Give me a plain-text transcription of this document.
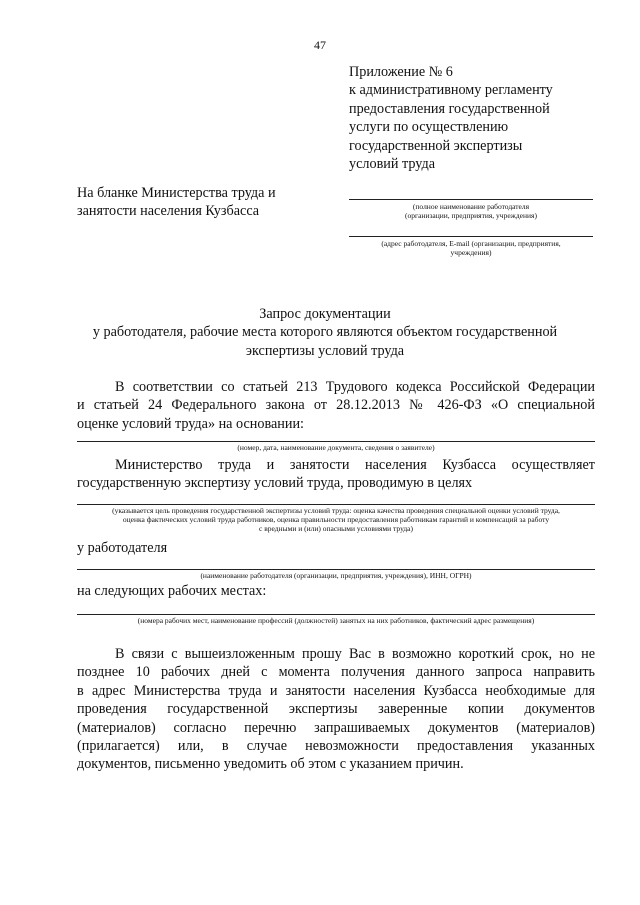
47
Приложение № 6
к административному регламенту
предоставления государственной
услуги по осуществлению
государственной экспертизы
условий труда
На бланке Министерства труда и
занятости населения Кузбасса	(полное наименование работодателя
(организации, предприятия, учреждения)
(адрес работодателя, E-mail (организации, предприятия,
учреждения)
Запрос документации
у работодателя, рабочие места которого являются объектом государственной
экспертизы условий труда
В соответствии со статьей 213 Трудового кодекса Российской Федерации
и статьей 24 Федерального закона от 28.12.2013 № 426-ФЗ «О специальной
оценке условий труда» на основании:
(номер, дата, наименование документа, сведения о заявителе)
Министерство труда и занятости населения Кузбасса осуществляет
государственную экспертизу условий труда, проводимую в целях
(указывается цель проведения государственной экспертизы условий труда: оценка качества проведения специальной оценки условий труда,
оценка фактических условий труда работников, оценка правильности предоставления работникам гарантий и компенсаций за работу
с вредными и (или) опасными условиями труда)
у работодателя
(наименование работодателя (организации, предприятия, учреждения), ИНН, ОГРН)
на следующих рабочих местах:
(номера рабочих мест, наименование профессий (должностей) занятых на них работников, фактический адрес размещения)
В связи с вышеизложенным прошу Вас в возможно короткий срок, но не
позднее 10 рабочих дней с момента получения данного запроса направить
в адрес Министерства труда и занятости населения Кузбасса необходимые для
проведения государственной экспертизы заверенные копии документов
(материалов) согласно перечню запрашиваемых документов (материалов)
(прилагается) или, в случае невозможности предоставления указанных
документов, письменно уведомить об этом с указанием причин.
